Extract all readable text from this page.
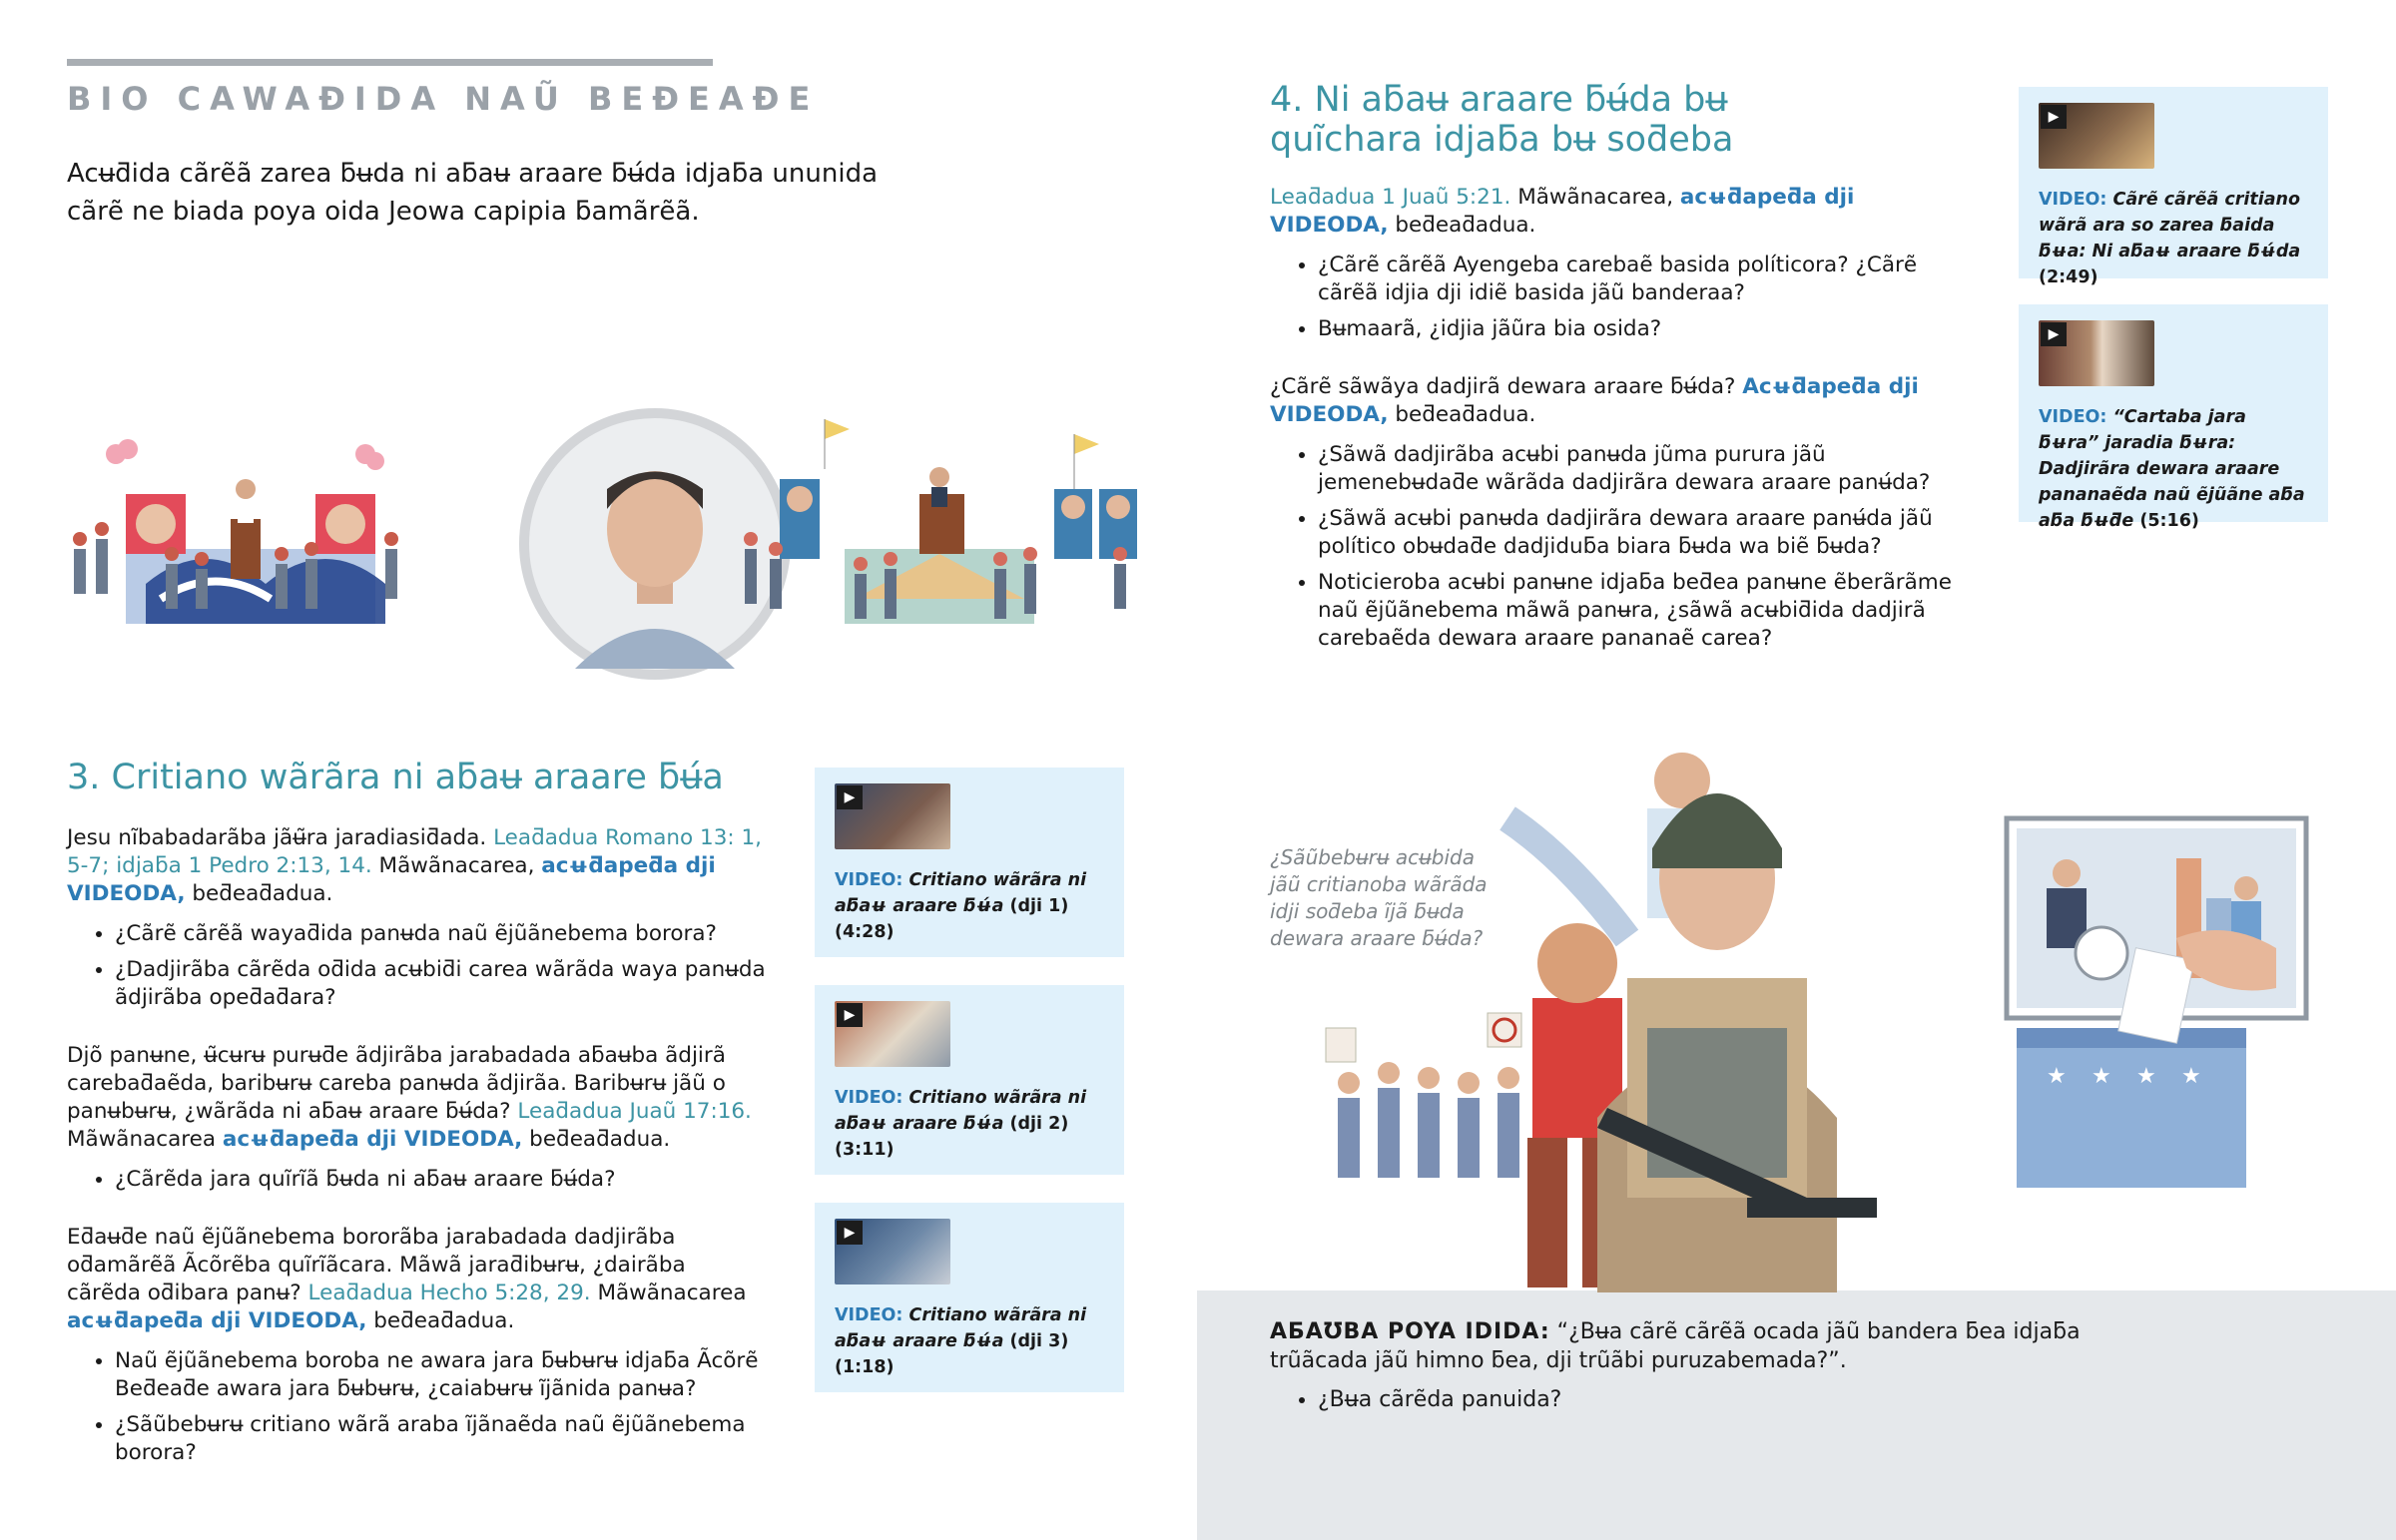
BIO CAWAƉIDA NAŨ BEƉEAƉE

Acʉƌida cãrẽã zarea ƃʉda ni aƃaʉ araare ƃʉ́da idjaƃa ununida cãrẽ ne biada poya oida Jeowa capipia ƃamãrẽã.

3. Critiano wãrãra ni aƃaʉ araare ƃʉ́a

Jesu nĩbabadarãba jãʉ̃ra jaradiasiƌada. Leaƌadua Romano 13: 1, 5-7; idjaƃa 1 Pedro 2:13, 14. Mãwãnacarea, acʉƌapeƌa dji VIDEODA, beƌeaƌadua.

• ¿Cãrẽ cãrẽã wayaƌida panʉda naũ ẽjũãnebema borora?
• ¿Dadjirãba cãrẽda oƌida acʉbiƌi carea wãrãda waya panʉda ãdjirãba opeƌaƌara?

Djõ panʉne, ʉ̃cʉrʉ purʉƌe ãdjirãba jarabadada aƃaʉba ãdjirã carebaƌaẽda, baribʉrʉ careba panʉda ãdjirãa. Baribʉrʉ jãũ o panʉbʉrʉ, ¿wãrãda ni aƃaʉ araare ƃʉ́da? Leaƌadua Juaũ 17:16. Mãwãnacarea acʉƌapeƌa dji VIDEODA, beƌeaƌadua.

• ¿Cãrẽda jara quĩrĩã ƃʉda ni aƃaʉ araare ƃʉ́da?

Eƌaʉƌe naũ ẽjũãnebema bororãba jarabadada dadjirãba oƌamãrẽã Ãcõrẽba quĩrĩãcara. Mãwã jaraƌibʉrʉ, ¿dairãba cãrẽda oƌibara panʉ? Leaƌadua Hecho 5:28, 29. Mãwãnacarea acʉƌapeƌa dji VIDEODA, beƌeaƌadua.

• Naũ ẽjũãnebema boroba ne awara jara ƃʉbʉrʉ idjaƃa Ãcõrẽ Beƌeaƌe awara jara ƃʉbʉrʉ, ¿caiabʉrʉ ĩjãnida panʉa?
• ¿Sãũbebʉrʉ critiano wãrã araba ĩjãnaẽda naũ ẽjũãnebema borora?
▶
VIDEO: Critiano wãrãra ni aƃaʉ araare ƃʉ́a (dji 1) (4:28)
▶
VIDEO: Critiano wãrãra ni aƃaʉ araare ƃʉ́a (dji 2) (3:11)
▶
VIDEO: Critiano wãrãra ni aƃaʉ araare ƃʉ́a (dji 3) (1:18)
4. Ni aƃaʉ araare ƃʉ́da bʉ quĩchara idjaƃa bʉ soƌeba

Leaƌadua 1 Juaũ 5:21. Mãwãnacarea, acʉƌapeƌa dji VIDEODA, beƌeaƌadua.

• ¿Cãrẽ cãrẽã Ayengeba carebaẽ basida políticora? ¿Cãrẽ cãrẽã idjia dji idiẽ basida jãũ banderaa?
• Bʉmaarã, ¿idjia jãũra bia osida?

¿Cãrẽ sãwãya dadjirã dewara araare ƃʉ́da? Acʉƌapeƌa dji VIDEODA, beƌeaƌadua.

• ¿Sãwã dadjirãba acʉbi panʉda jũma purura jãũ jemenebʉdaƌe wãrãda dadjirãra dewara araare panʉ́da?
• ¿Sãwã acʉbi panʉda dadjirãra dewara araare panʉ́da jãũ político obʉdaƌe dadjiduƃa biara ƃʉda wa biẽ ƃʉda?
• Noticieroba acʉbi panʉne idjaƃa beƌea panʉne ẽberãrãme naũ ẽjũãnebema mãwã panʉra, ¿sãwã acʉbiƌida dadjirã carebaẽda dewara araare pananaẽ carea?
▶
VIDEO: Cãrẽ cãrẽã critiano wãrã ara so zarea ƃaida ƃʉa: Ni aƃaʉ araare ƃʉ́da (2:49)
▶
VIDEO: “Cartaba jara ƃʉra” jaradia ƃʉra: Dadjirãra dewara araare pananaẽda naũ ẽjũãne aƃa aƃa ƃʉƌe (5:16)
¿Sãũbebʉrʉ acʉbida jãũ critianoba wãrãda idji soƌeba ĩjã ƃʉda dewara araare ƃʉ́da?
★ ★ ★ ★
AƂAƱBA POYA IDIDA: “¿Bʉa cãrẽ cãrẽã ocada jãũ bandera ƃea idjaƃa trũãcada jãũ himno ƃea, dji trũãbi puruzabemada?”.
• ¿Bʉa cãrẽda panuida?
